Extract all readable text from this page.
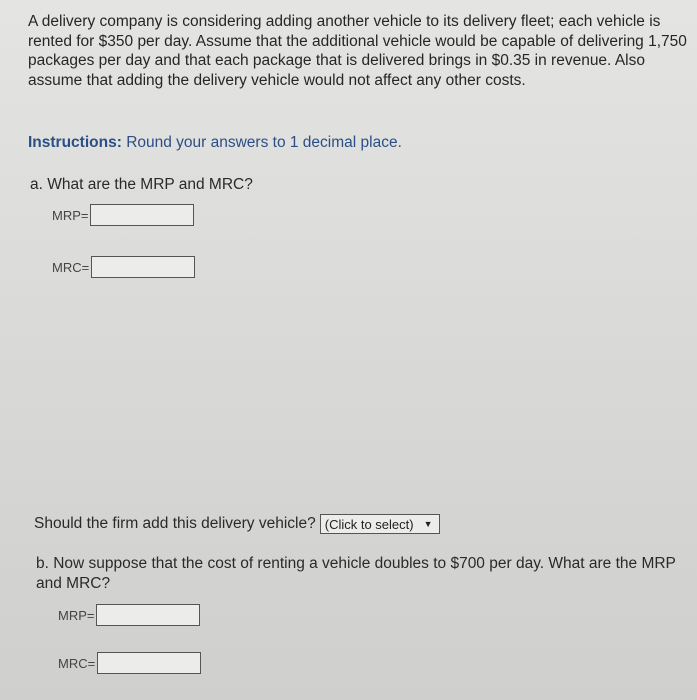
A delivery company is considering adding another vehicle to its delivery fleet; each vehicle is rented for $350 per day. Assume that the additional vehicle would be capable of delivering 1,750 packages per day and that each package that is delivered brings in $0.35 in revenue. Also assume that adding the delivery vehicle would not affect any other costs.

Instructions: Round your answers to 1 decimal place.

a. What are the MRP and MRC?

MRP=
MRC=
Should the firm add this delivery vehicle? (Click to select) ▼

b. Now suppose that the cost of renting a vehicle doubles to $700 per day. What are the MRP and MRC?

MRP=
MRC=
